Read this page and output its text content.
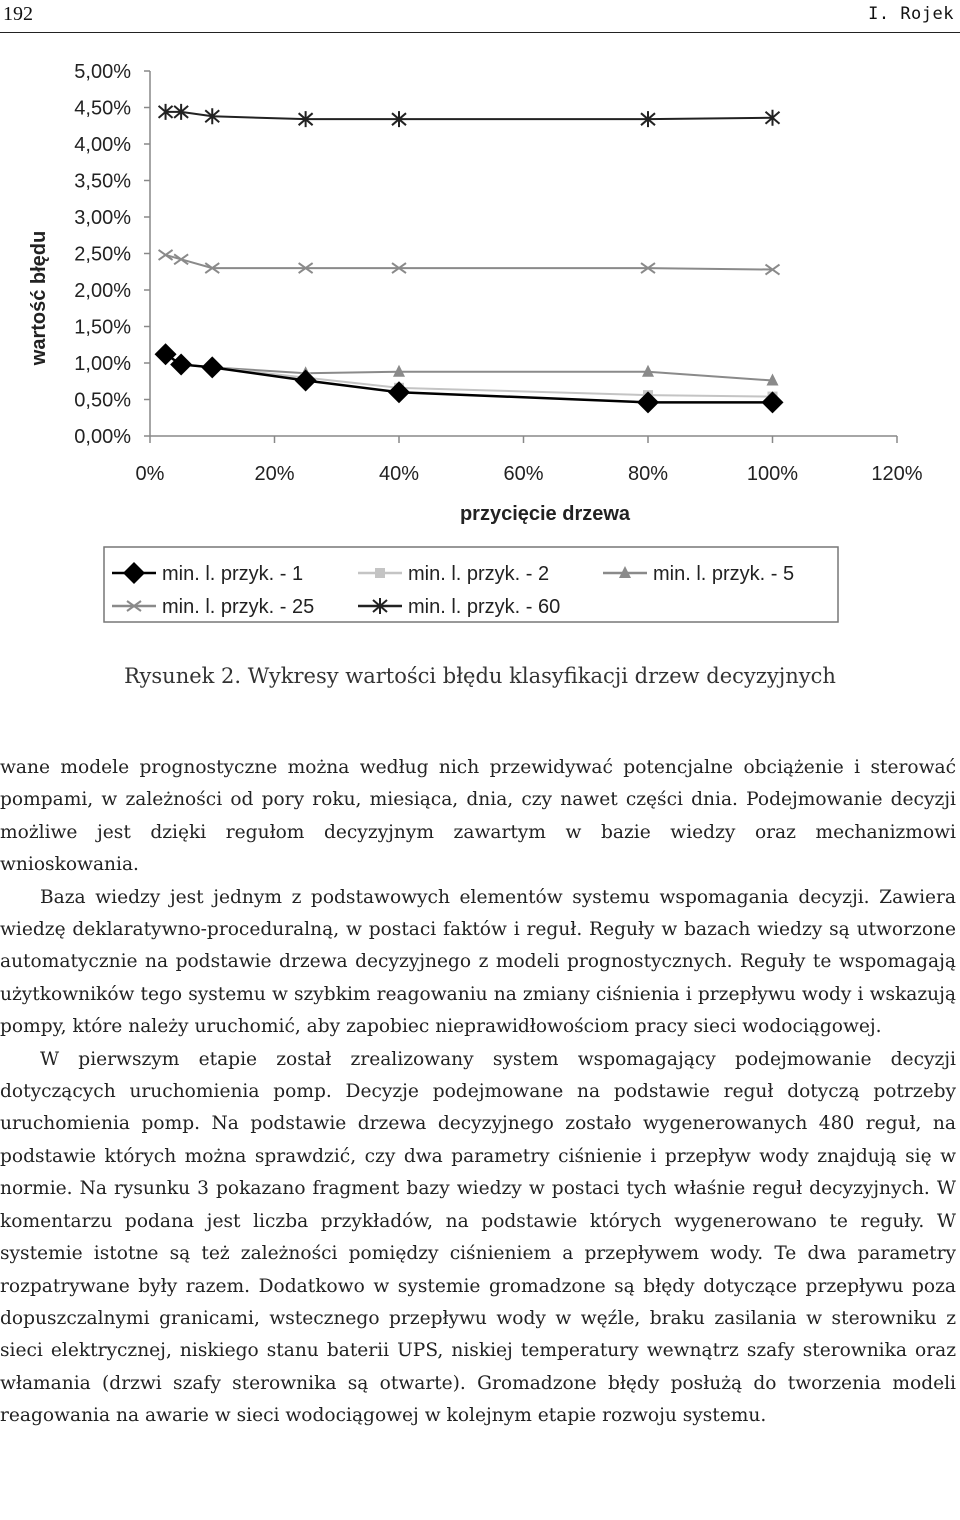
192	I. Rojek
0,00%
0,50%
1,00%
1,50%
2,00%
2,50%
3,00%
3,50%
4,00%
4,50%
5,00%
0%	20%	40%	60%	80%	100%	120%
przycięcie drzewa
wartość błędu
min. l. przyk. - 1	min. l. przyk. - 2	min. l. przyk. - 5
min. l. przyk. - 25	min. l. przyk. - 60
Rysunek 2. Wykresy wartości błędu klasyfikacji drzew decyzyjnych

wane modele prognostyczne można według nich przewidywać potencjalne obciążenie i sterować pompami, w zależności od pory roku, miesiąca, dnia, czy nawet części dnia. Podejmowanie decyzji możliwe jest dzięki regułom decyzyjnym zawartym w bazie wiedzy oraz mechanizmowi wnioskowania.

Baza wiedzy jest jednym z podstawowych elementów systemu wspomagania decyzji. Zawiera wiedzę deklaratywno-proceduralną, w postaci faktów i reguł. Reguły w bazach wiedzy są utworzone automatycznie na podstawie drzewa decyzyjnego z modeli prognostycznych. Reguły te wspomagają użytkowników tego systemu w szybkim reagowaniu na zmiany ciśnienia i przepływu wody i wskazują pompy, które należy uruchomić, aby zapobiec nieprawidłowościom pracy sieci wodociągowej.

W pierwszym etapie został zrealizowany system wspomagający podejmowanie decyzji dotyczących uruchomienia pomp. Decyzje podejmowane na podstawie reguł dotyczą potrzeby uruchomienia pomp. Na podstawie drzewa decyzyjnego zostało wygenerowanych 480 reguł, na podstawie których można sprawdzić, czy dwa parametry ciśnienie i przepływ wody znajdują się w normie. Na rysunku 3 pokazano fragment bazy wiedzy w postaci tych właśnie reguł decyzyjnych. W komentarzu podana jest liczba przykładów, na podstawie których wygenerowano te reguły. W systemie istotne są też zależności pomiędzy ciśnieniem a przepływem wody. Te dwa parametry rozpatrywane były razem. Dodatkowo w systemie gromadzone są błędy dotyczące przepływu poza dopuszczalnymi granicami, wstecznego przepływu wody w węźle, braku zasilania w sterowniku z sieci elektrycznej, niskiego stanu baterii UPS, niskiej temperatury wewnątrz szafy sterownika oraz włamania (drzwi szafy sterownika są otwarte). Gromadzone błędy posłużą do tworzenia modeli reagowania na awarie w sieci wodociągowej w kolejnym etapie rozwoju systemu.
